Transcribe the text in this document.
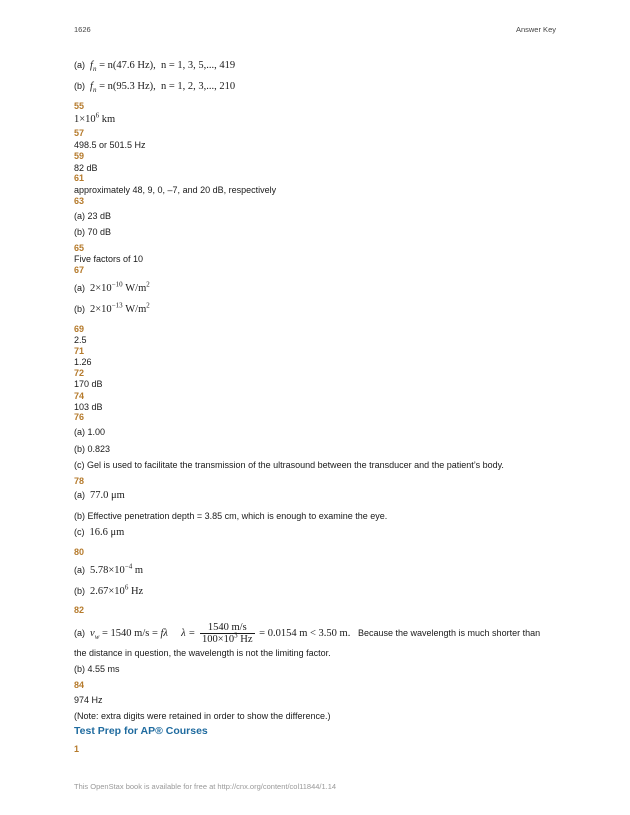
1626	Answer Key
(a) $f_n = n(47.6$ Hz), n = 1, 3, 5,..., 419
(b) $f_n = n(95.3$ Hz), n = 1, 2, 3,..., 210
55
$1\times 10^6$ km
57
498.5 or 501.5 Hz
59
82 dB
61
approximately 48, 9, 0, –7, and 20 dB, respectively
63
(a) 23 dB
(b) 70 dB
65
Five factors of 10
67
(a) $2\times 10^{-10}$ $W/m^2$
(b) $2\times 10^{-13}$ $W/m^2$
69
2.5
71
1.26
72
170 dB
74
103 dB
76
(a) 1.00
(b) 0.823
(c) Gel is used to facilitate the transmission of the ultrasound between the transducer and the patient’s body.
78
(a) 77.0 μm
(b) Effective penetration depth = 3.85 cm, which is enough to examine the eye.
(c) 16.6 μm
80
(a) $5.78\times 10^{-4}$ m
(b) $2.67\times 10^6$ Hz
82
(a) $v_w = 1540$ m/s = fλ $\lambda = \frac{1540 m/s}{100\times 10^3 Hz} = 0.0154$ m < 3.50 m. Because the wavelength is much shorter than
the distance in question, the wavelength is not the limiting factor.
(b) 4.55 ms
84
974 Hz
(Note: extra digits were retained in order to show the difference.)
Test Prep for AP® Courses
1
This OpenStax book is available for free at http://cnx.org/content/col11844/1.14
